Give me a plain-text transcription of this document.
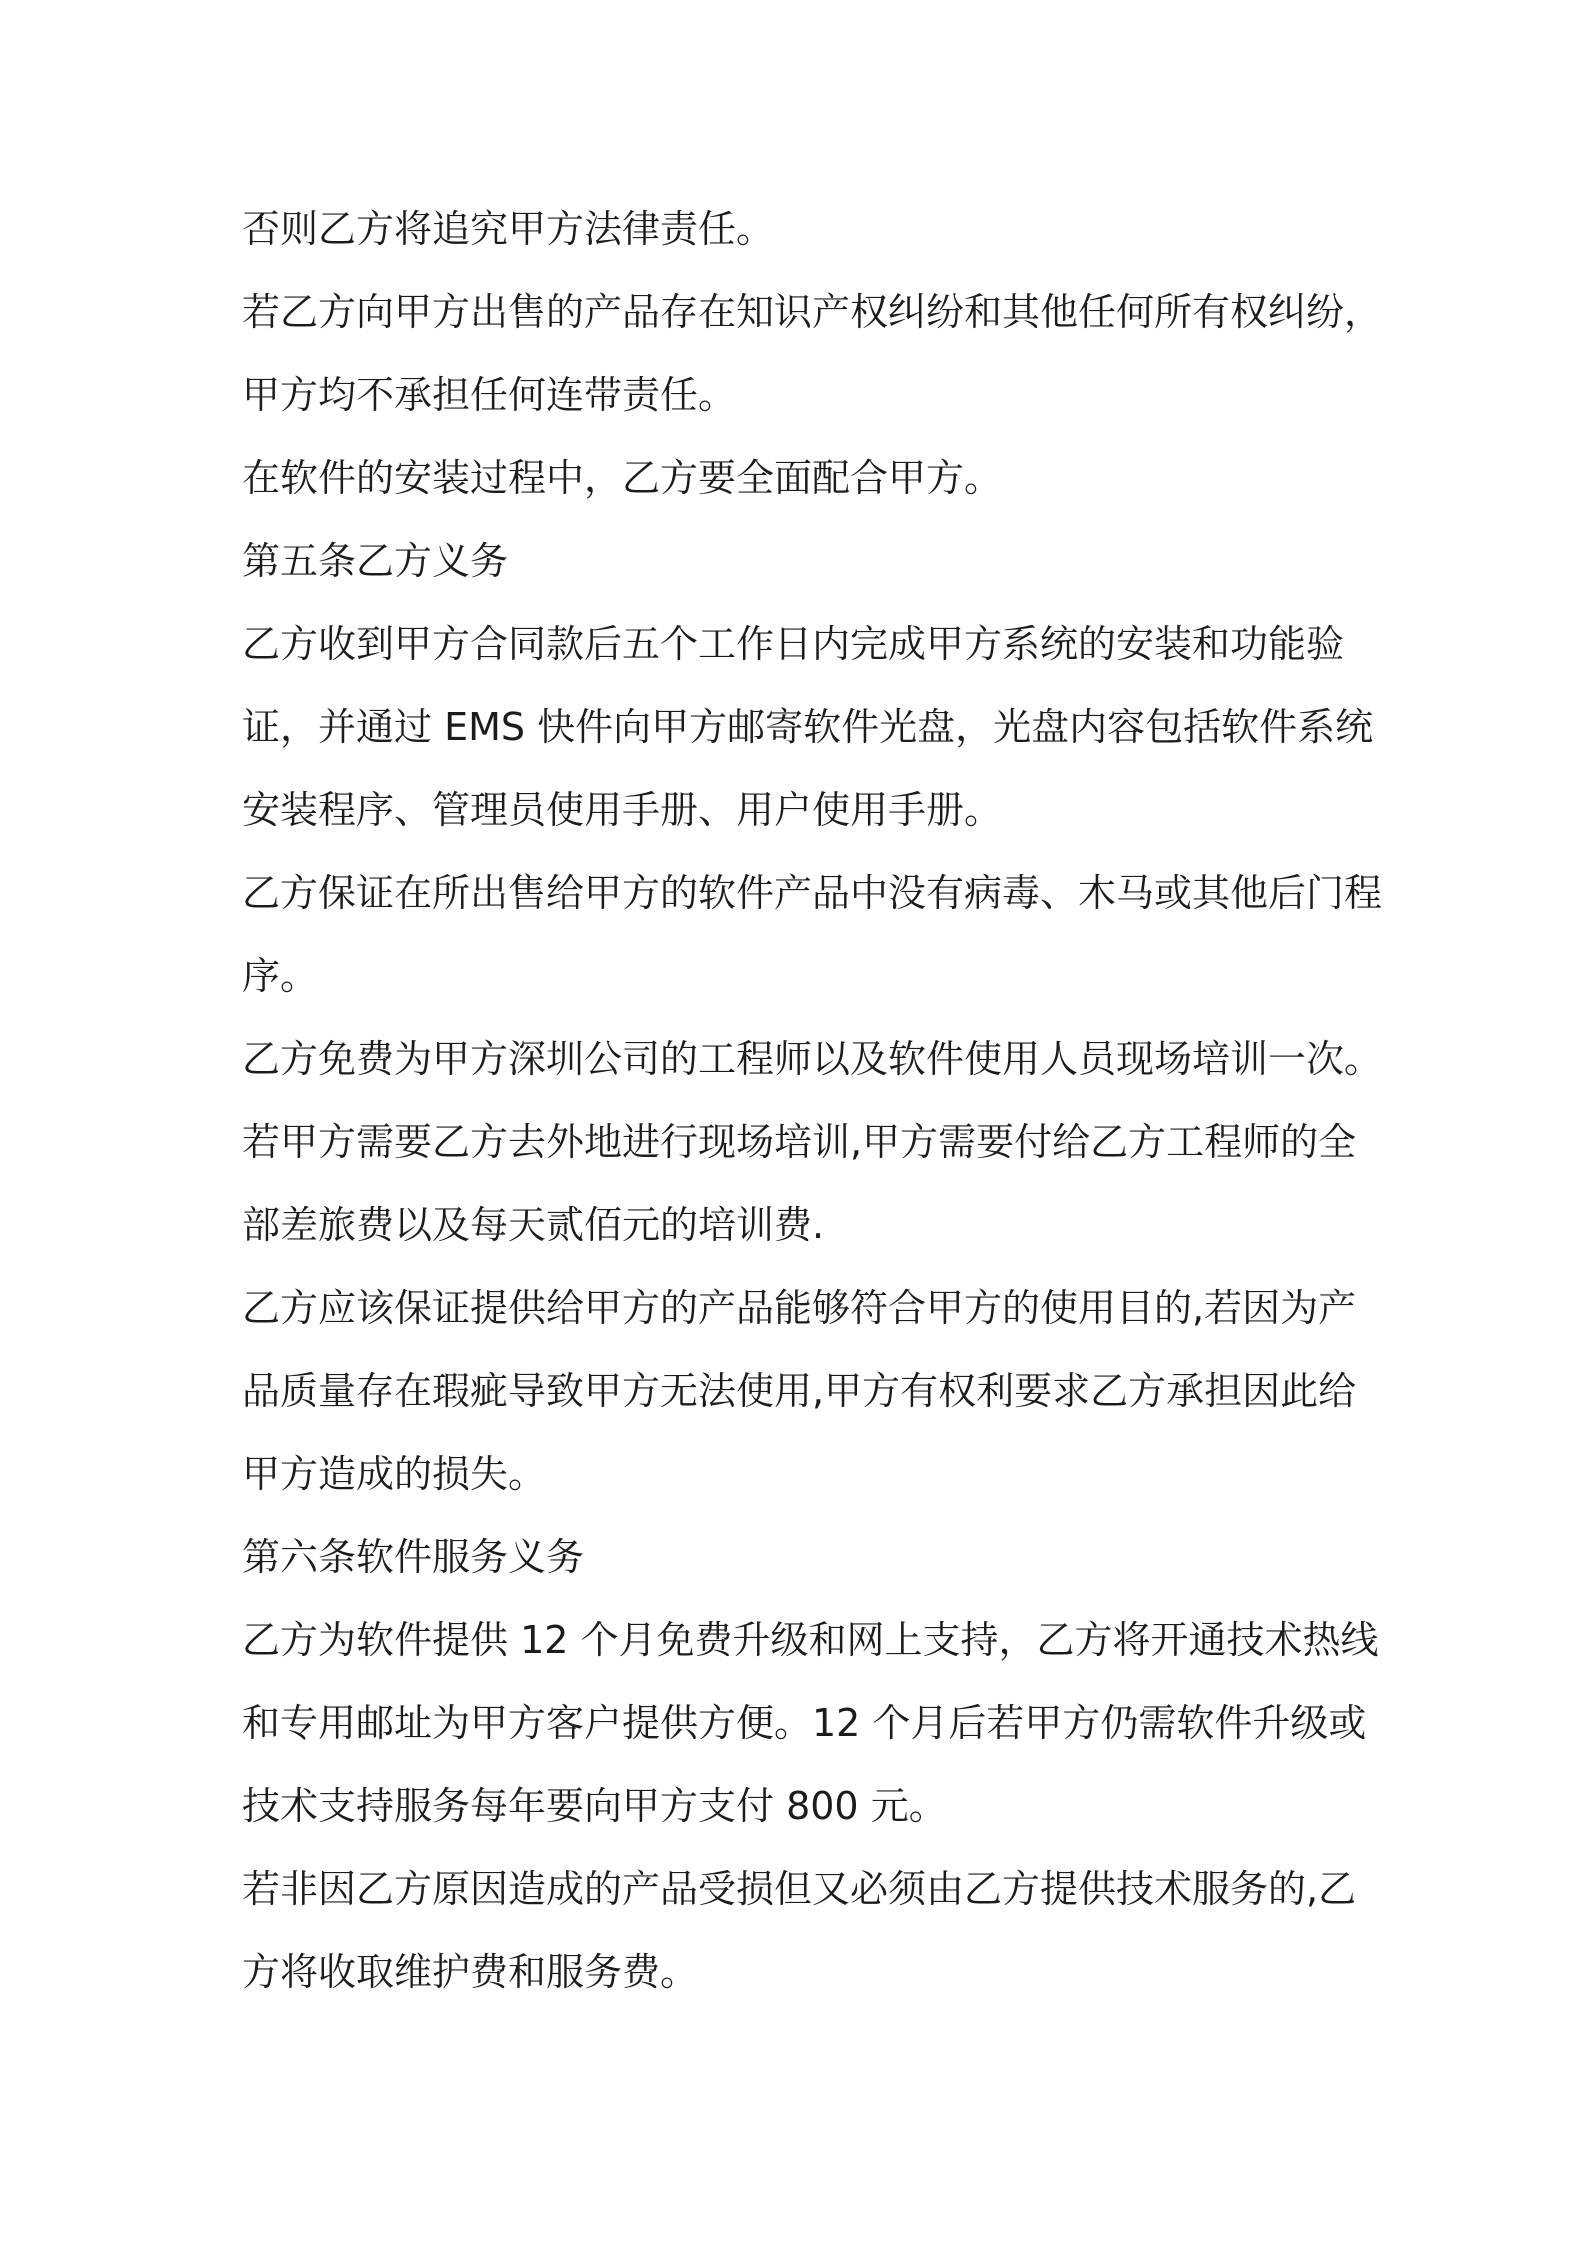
否则乙方将追究甲方法律责任。

若乙方向甲方出售的产品存在知识产权纠纷和其他任何所有权纠纷，

甲方均不承担任何连带责任。

在软件的安装过程中，乙方要全面配合甲方。

第五条乙方义务

乙方收到甲方合同款后五个工作日内完成甲方系统的安装和功能验

证，并通过 EMS 快件向甲方邮寄软件光盘，光盘内容包括软件系统

安装程序、管理员使用手册、用户使用手册。

乙方保证在所出售给甲方的软件产品中没有病毒、木马或其他后门程

序。

乙方免费为甲方深圳公司的工程师以及软件使用人员现场培训一次。

若甲方需要乙方去外地进行现场培训,甲方需要付给乙方工程师的全

部差旅费以及每天贰佰元的培训费.

乙方应该保证提供给甲方的产品能够符合甲方的使用目的,若因为产

品质量存在瑕疵导致甲方无法使用,甲方有权利要求乙方承担因此给

甲方造成的损失。

第六条软件服务义务

乙方为软件提供 12 个月免费升级和网上支持，乙方将开通技术热线

和专用邮址为甲方客户提供方便。12 个月后若甲方仍需软件升级或

技术支持服务每年要向甲方支付 800 元。

若非因乙方原因造成的产品受损但又必须由乙方提供技术服务的,乙

方将收取维护费和服务费。
